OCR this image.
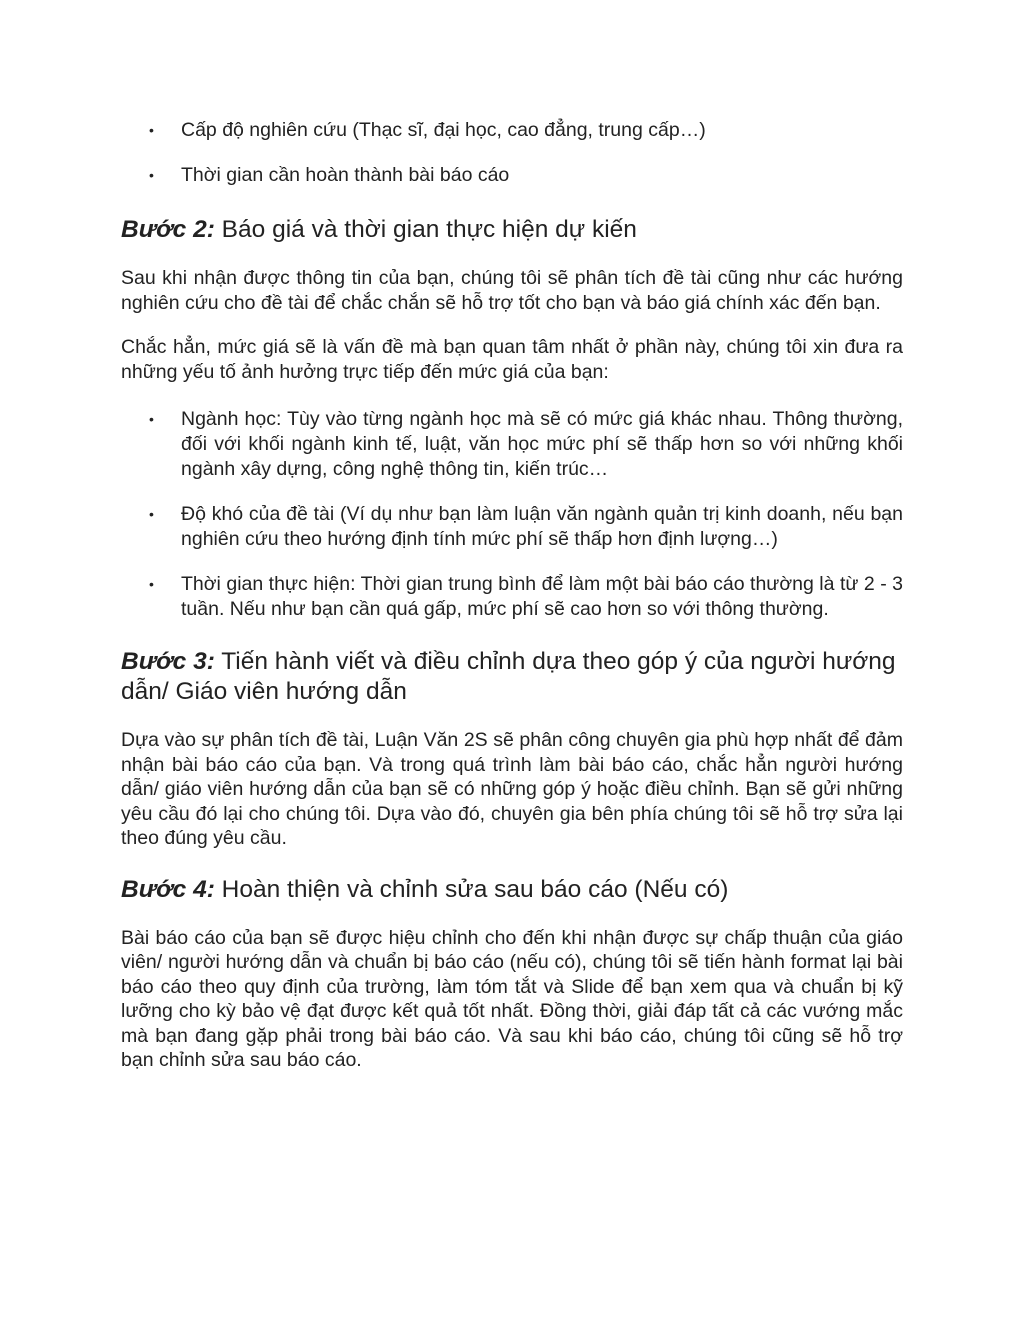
• Cấp độ nghiên cứu (Thạc sĩ, đại học, cao đẳng, trung cấp…)
• Thời gian cần hoàn thành bài báo cáo
Bước 2: Báo giá và thời gian thực hiện dự kiến

Sau khi nhận được thông tin của bạn, chúng tôi sẽ phân tích đề tài cũng như các hướng nghiên cứu cho đề tài để chắc chắn sẽ hỗ trợ tốt cho bạn và báo giá chính xác đến bạn.

Chắc hẳn, mức giá sẽ là vấn đề mà bạn quan tâm nhất ở phần này, chúng tôi xin đưa ra những yếu tố ảnh hưởng trực tiếp đến mức giá của bạn:

• Ngành học: Tùy vào từng ngành học mà sẽ có mức giá khác nhau. Thông thường, đối với khối ngành kinh tế, luật, văn học mức phí sẽ thấp hơn so với những khối ngành xây dựng, công nghệ thông tin, kiến trúc…
• Độ khó của đề tài (Ví dụ như bạn làm luận văn ngành quản trị kinh doanh, nếu bạn nghiên cứu theo hướng định tính mức phí sẽ thấp hơn định lượng…)
• Thời gian thực hiện: Thời gian trung bình để làm một bài báo cáo thường là từ 2 - 3 tuần. Nếu như bạn cần quá gấp, mức phí sẽ cao hơn so với thông thường.
Bước 3: Tiến hành viết và điều chỉnh dựa theo góp ý của người hướng dẫn/ Giáo viên hướng dẫn

Dựa vào sự phân tích đề tài, Luận Văn 2S sẽ phân công chuyên gia phù hợp nhất để đảm nhận bài báo cáo của bạn. Và trong quá trình làm bài báo cáo, chắc hẳn người hướng dẫn/ giáo viên hướng dẫn của bạn sẽ có những góp ý hoặc điều chỉnh. Bạn sẽ gửi những yêu cầu đó lại cho chúng tôi. Dựa vào đó, chuyên gia bên phía chúng tôi sẽ hỗ trợ sửa lại theo đúng yêu cầu.

Bước 4: Hoàn thiện và chỉnh sửa sau báo cáo (Nếu có)

Bài báo cáo của bạn sẽ được hiệu chỉnh cho đến khi nhận được sự chấp thuận của giáo viên/ người hướng dẫn và chuẩn bị báo cáo (nếu có), chúng tôi sẽ tiến hành format lại bài báo cáo theo quy định của trường, làm tóm tắt và Slide để bạn xem qua và chuẩn bị kỹ lưỡng cho kỳ bảo vệ đạt được kết quả tốt nhất. Đồng thời, giải đáp tất cả các vướng mắc mà bạn đang gặp phải trong bài báo cáo. Và sau khi báo cáo, chúng tôi cũng sẽ hỗ trợ bạn chỉnh sửa sau báo cáo.
